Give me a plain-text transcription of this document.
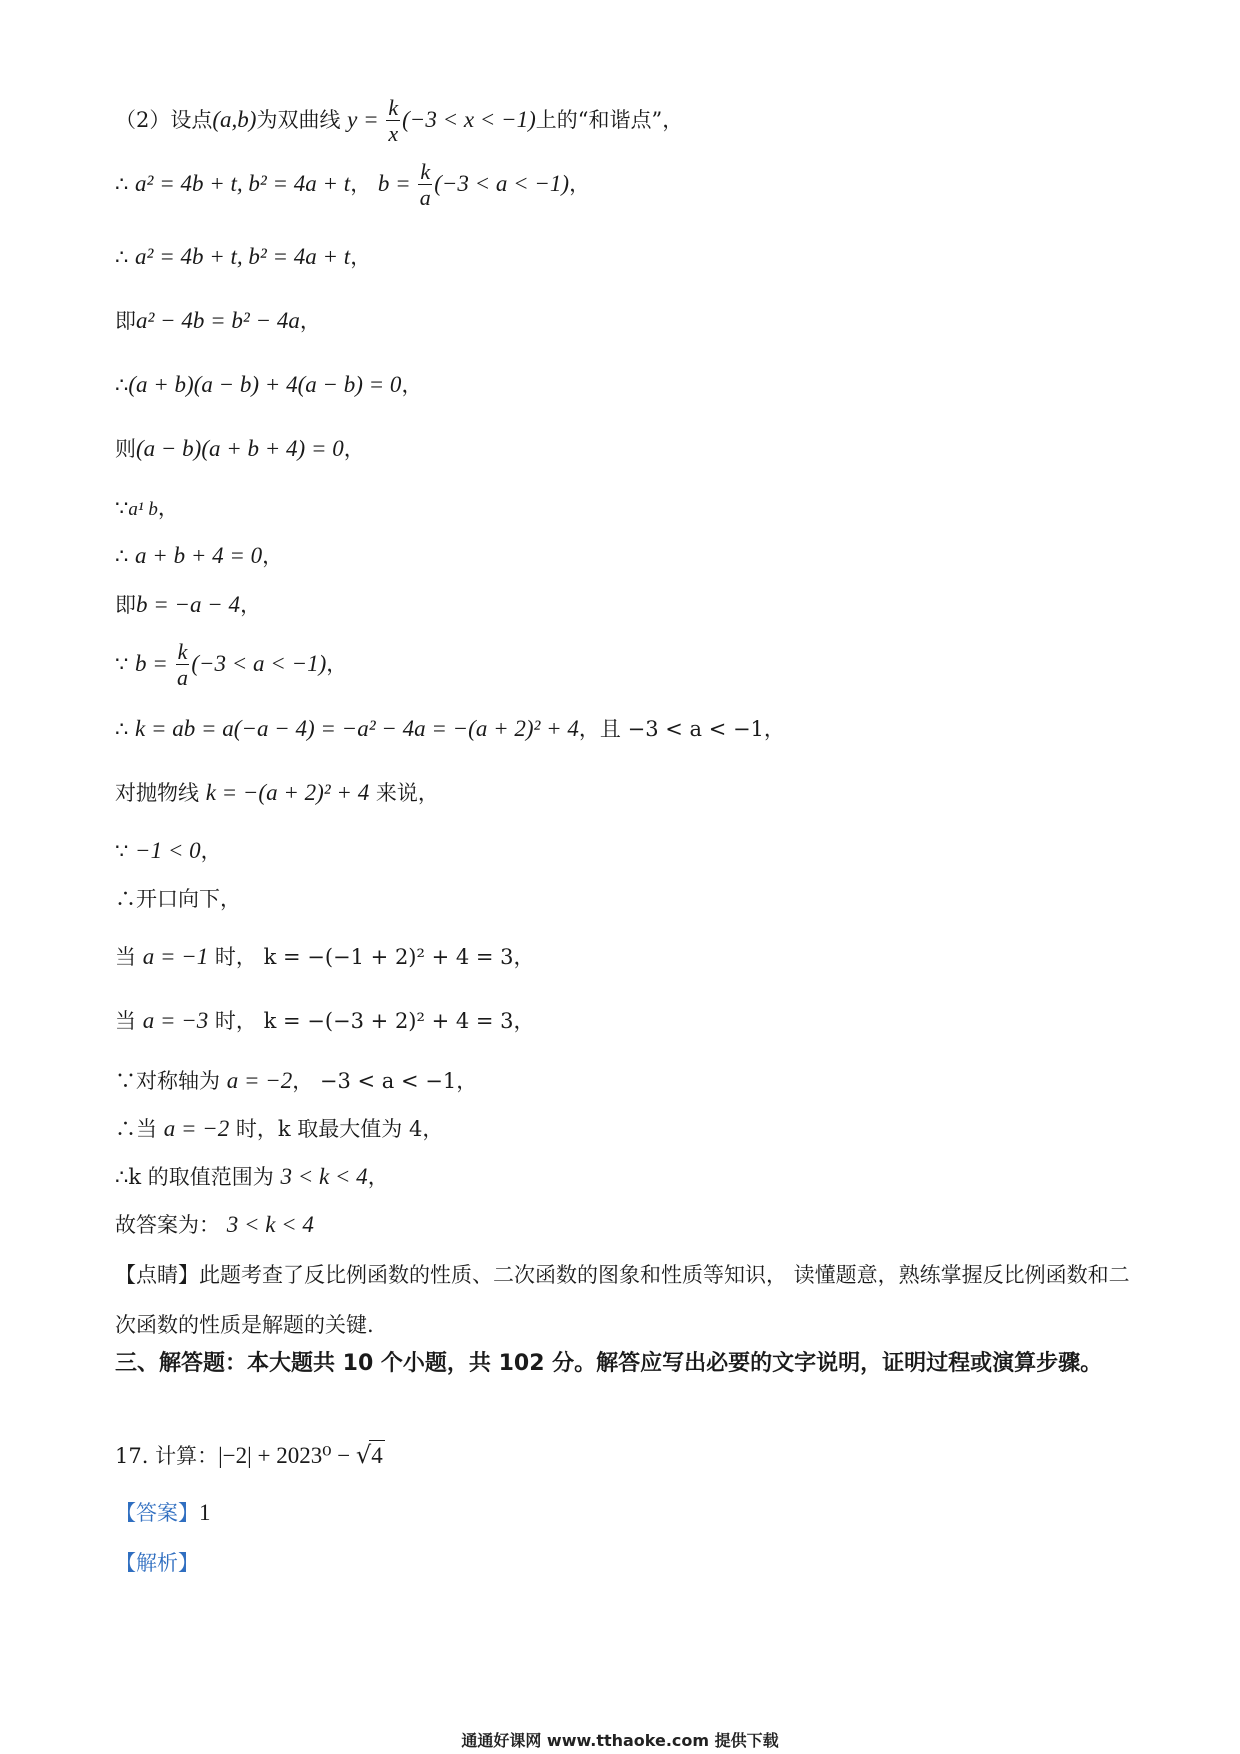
（2）设点(a,b)为双曲线 $y = \frac{k}{x} (-3 < x < -1)$上的“和谐点”，
∴ a² = 4b + t, b² = 4a + t， $b = \frac{k}{a} (-3 < a < -1)$，
∴ a² = 4b + t, b² = 4a + t，
即a² − 4b = b² − 4a，
∴(a + b)(a − b) + 4(a − b) = 0，
则(a − b)(a + b + 4) = 0，
∵a¹ b，
∴ a + b + 4 = 0，
即b = −a − 4，
∵ $b = \frac{k}{a} (-3 < a < -1)$，
∴ k = ab = a(−a − 4) = −a² − 4a = −(a + 2)² + 4，且 −3 < a < −1，
对抛物线 k = −(a + 2)² + 4 来说，
∵ −1 < 0，
∴开口向下，
当 a = −1 时， k = −(−1 + 2)² + 4 = 3，
当 a = −3 时， k = −(−3 + 2)² + 4 = 3，
∵对称轴为 a = −2， −3 < a < −1，
∴当 a = −2 时，k 取最大值为 4，
∴k 的取值范围为 3 < k < 4，
故答案为： 3 < k < 4
【点睛】此题考查了反比例函数的性质、二次函数的图象和性质等知识， 读懂题意，熟练掌握反比例函数和二次函数的性质是解题的关键.
三、解答题：本大题共 10 个小题，共 102 分。解答应写出必要的文字说明，证明过程或演算步骤。
17. 计算：|−2| + 2023⁰ − √4
【答案】1
【解析】
通通好课网 www.tthaoke.com 提供下载
